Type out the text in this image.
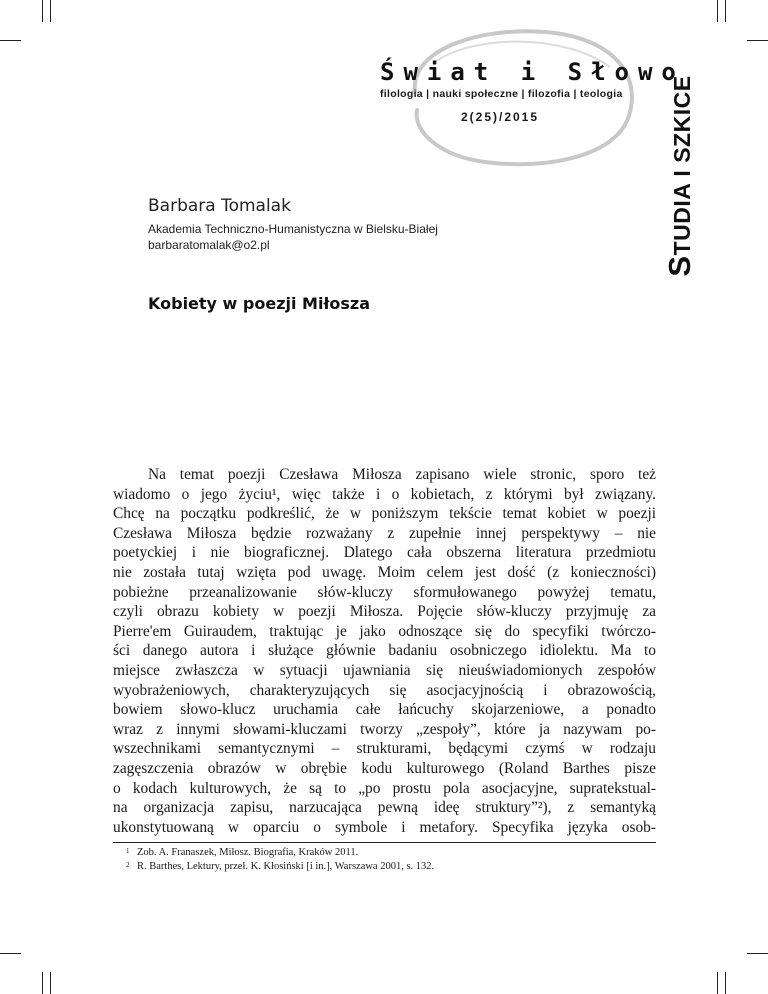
Świat i Słowo
filologia | nauki społeczne | filozofia | teologia
2(25)/2015
STUDIA I SZKICE
Barbara Tomalak
Akademia Techniczno-Humanistyczna w Bielsku-Białej
barbaratomalak@o2.pl
Kobiety w poezji Miłosza
Na temat poezji Czesława Miłosza zapisano wiele stronic, sporo też
wiadomo o jego życiu¹, więc także i o kobietach, z którymi był związany.
Chcę na początku podkreślić, że w poniższym tekście temat kobiet w poezji
Czesława Miłosza będzie rozważany z zupełnie innej perspektywy – nie
poetyckiej i nie biograficznej. Dlatego cała obszerna literatura przedmiotu
nie została tutaj wzięta pod uwagę. Moim celem jest dość (z konieczności)
pobieżne przeanalizowanie słów-kluczy sformułowanego powyżej tematu,
czyli obrazu kobiety w poezji Miłosza. Pojęcie słów-kluczy przyjmuję za
Pierre'em Guiraudem, traktując je jako odnoszące się do specyfiki twórczo-
ści danego autora i służące głównie badaniu osobniczego idiolektu. Ma to
miejsce zwłaszcza w sytuacji ujawniania się nieuświadomionych zespołów
wyobrażeniowych, charakteryzujących się asocjacyjnością i obrazowością,
bowiem słowo-klucz uruchamia całe łańcuchy skojarzeniowe, a ponadto
wraz z innymi słowami-kluczami tworzy „zespoły”, które ja nazywam po-
wszechnikami semantycznymi – strukturami, będącymi czymś w rodzaju
zagęszczenia obrazów w obrębie kodu kulturowego (Roland Barthes pisze
o kodach kulturowych, że są to „po prostu pola asocjacyjne, supratekstual-
na organizacja zapisu, narzucająca pewną ideę struktury”²), z semantyką
ukonstytuowaną w oparciu o symbole i metafory. Specyfika języka osob-
1 Zob. A. Franaszek, Miłosz. Biografia, Kraków 2011.
2 R. Barthes, Lektury, przeł. K. Kłosiński [i in.], Warszawa 2001, s. 132.
